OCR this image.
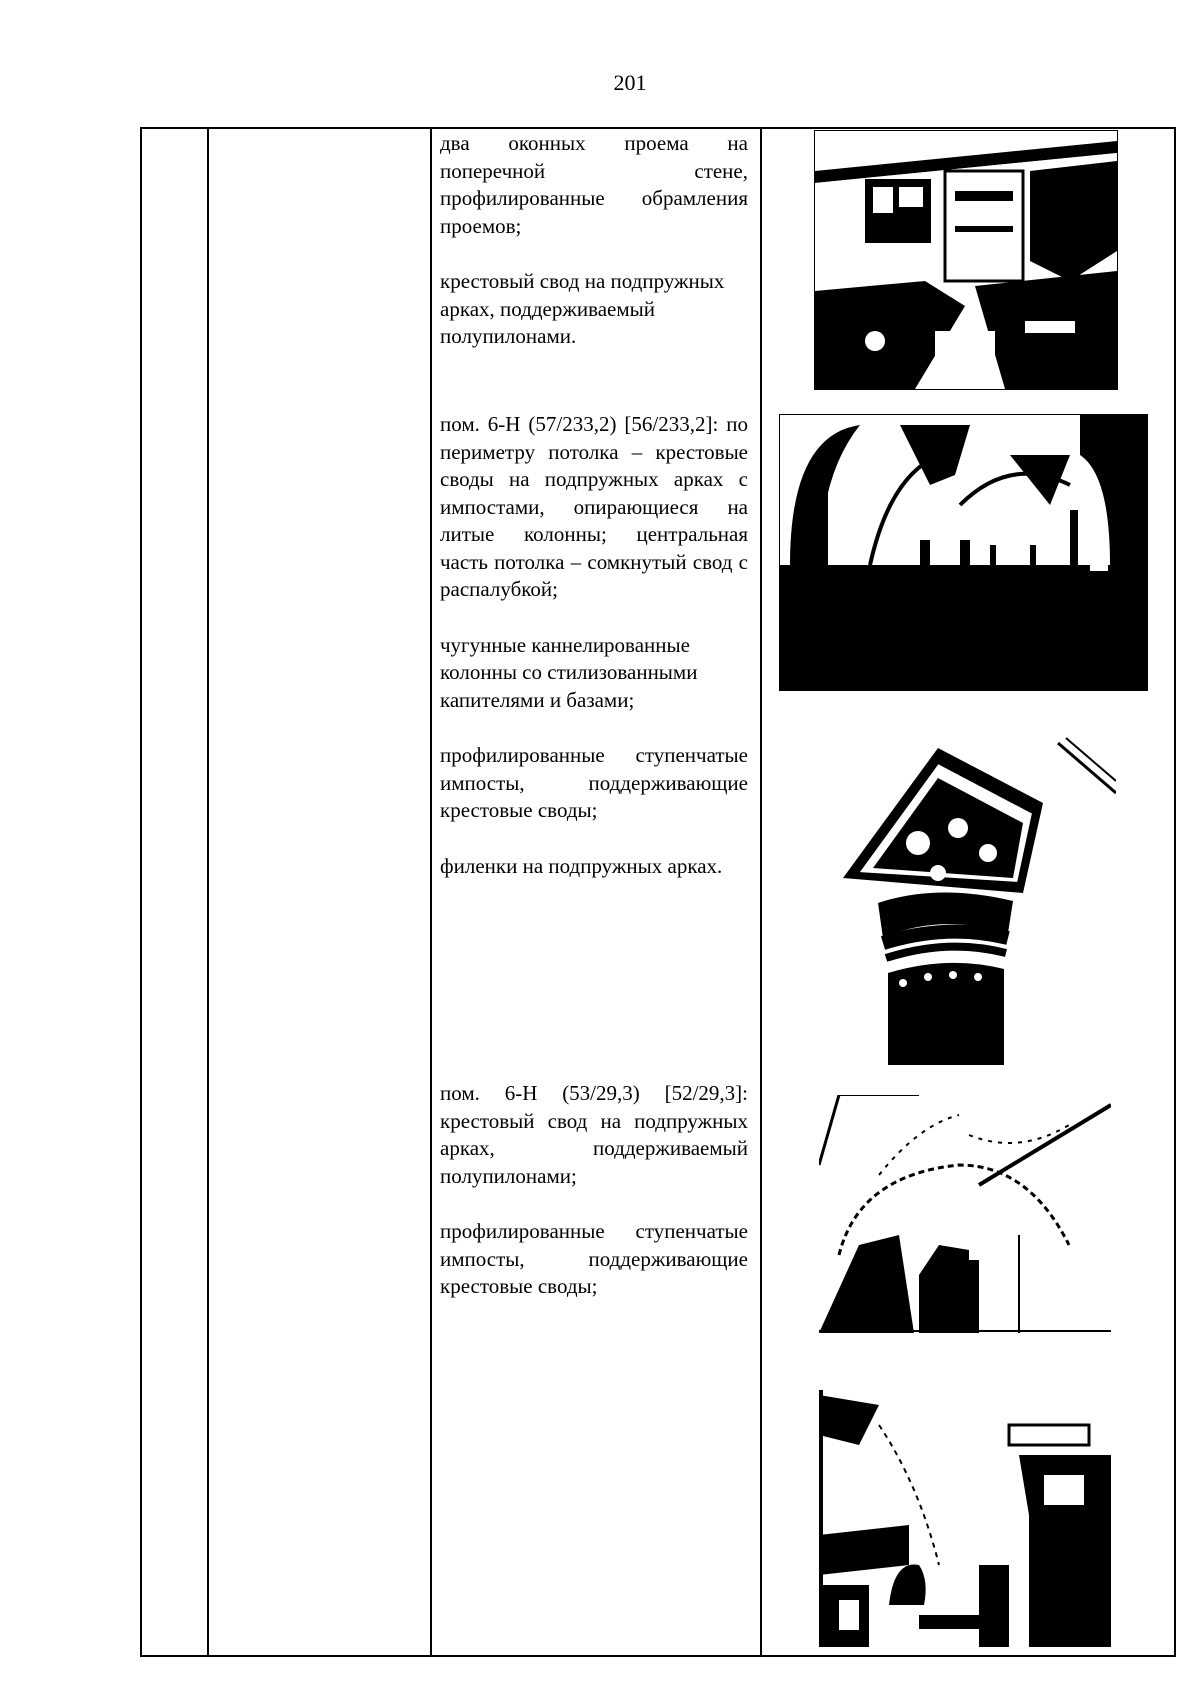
201

два оконных проема на поперечной стене, профилированные обрамления проемов;

крестовый свод на подпружных арках, поддерживаемый полупилонами.

пом. 6-Н (57/233,2) [56/233,2]: по периметру потолка – крестовые своды на подпружных арках с импостами, опирающиеся на литые колонны; центральная часть потолка – сомкнутый свод с распалубкой;

чугунные каннелированные колонны со стилизованными капителями и базами;

профилированные ступенчатые импосты, поддерживающие крестовые своды;

филенки на подпружных арках.

пом. 6-Н (53/29,3) [52/29,3]: крестовый свод на подпружных арках, поддерживаемый полупилонами;

профилированные ступенчатые импосты, поддерживающие крестовые своды;
